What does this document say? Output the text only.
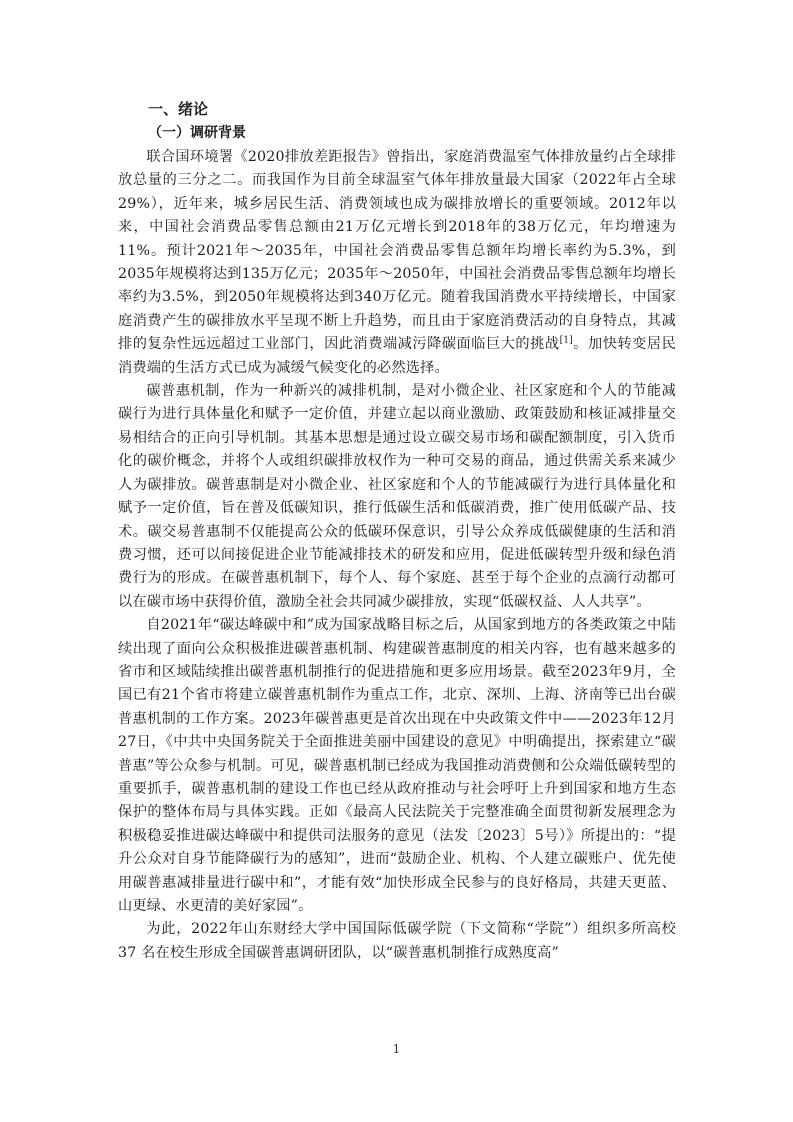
一、绪论
（一）调研背景

联合国环境署《2020排放差距报告》曾指出，家庭消费温室气体排放量约占全球排放总量的三分之二。而我国作为目前全球温室气体年排放量最大国家（2022年占全球29%），近年来，城乡居民生活、消费领域也成为碳排放增长的重要领域。2012年以来，中国社会消费品零售总额由21万亿元增长到2018年的38万亿元，年均增速为11%。预计2021年～2035年，中国社会消费品零售总额年均增长率约为5.3%，到2035年规模将达到135万亿元；2035年～2050年，中国社会消费品零售总额年均增长率约为3.5%，到2050年规模将达到340万亿元。随着我国消费水平持续增长，中国家庭消费产生的碳排放水平呈现不断上升趋势，而且由于家庭消费活动的自身特点，其减排的复杂性远远超过工业部门，因此消费端减污降碳面临巨大的挑战[1]。加快转变居民消费端的生活方式已成为减缓气候变化的必然选择。

碳普惠机制，作为一种新兴的减排机制，是对小微企业、社区家庭和个人的节能减碳行为进行具体量化和赋予一定价值，并建立起以商业激励、政策鼓励和核证减排量交易相结合的正向引导机制。其基本思想是通过设立碳交易市场和碳配额制度，引入货币化的碳价概念，并将个人或组织碳排放权作为一种可交易的商品，通过供需关系来减少人为碳排放。碳普惠制是对小微企业、社区家庭和个人的节能减碳行为进行具体量化和赋予一定价值，旨在普及低碳知识，推行低碳生活和低碳消费，推广使用低碳产品、技术。碳交易普惠制不仅能提高公众的低碳环保意识，引导公众养成低碳健康的生活和消费习惯，还可以间接促进企业节能减排技术的研发和应用，促进低碳转型升级和绿色消费行为的形成。在碳普惠机制下，每个人、每个家庭、甚至于每个企业的点滴行动都可以在碳市场中获得价值，激励全社会共同减少碳排放，实现“低碳权益、人人共享”。

自2021年“碳达峰碳中和”成为国家战略目标之后，从国家到地方的各类政策之中陆续出现了面向公众积极推进碳普惠机制、构建碳普惠制度的相关内容，也有越来越多的省市和区域陆续推出碳普惠机制推行的促进措施和更多应用场景。截至2023年9月，全国已有21个省市将建立碳普惠机制作为重点工作，北京、深圳、上海、济南等已出台碳普惠机制的工作方案。2023年碳普惠更是首次出现在中央政策文件中——2023年12月27日，《中共中央国务院关于全面推进美丽中国建设的意见》中明确提出，探索建立“碳普惠”等公众参与机制。可见，碳普惠机制已经成为我国推动消费侧和公众端低碳转型的重要抓手，碳普惠机制的建设工作也已经从政府推动与社会呼吁上升到国家和地方生态保护的整体布局与具体实践。正如《最高人民法院关于完整准确全面贯彻新发展理念为积极稳妥推进碳达峰碳中和提供司法服务的意见（法发〔2023〕5号）》所提出的：“提升公众对自身节能降碳行为的感知”，进而“鼓励企业、机构、个人建立碳账户、优先使用碳普惠减排量进行碳中和”，才能有效“加快形成全民参与的良好格局，共建天更蓝、山更绿、水更清的美好家园”。

为此，2022年山东财经大学中国国际低碳学院（下文简称“学院”）组织多所高校 37 名在校生形成全国碳普惠调研团队，以“碳普惠机制推行成熟度高”

1
